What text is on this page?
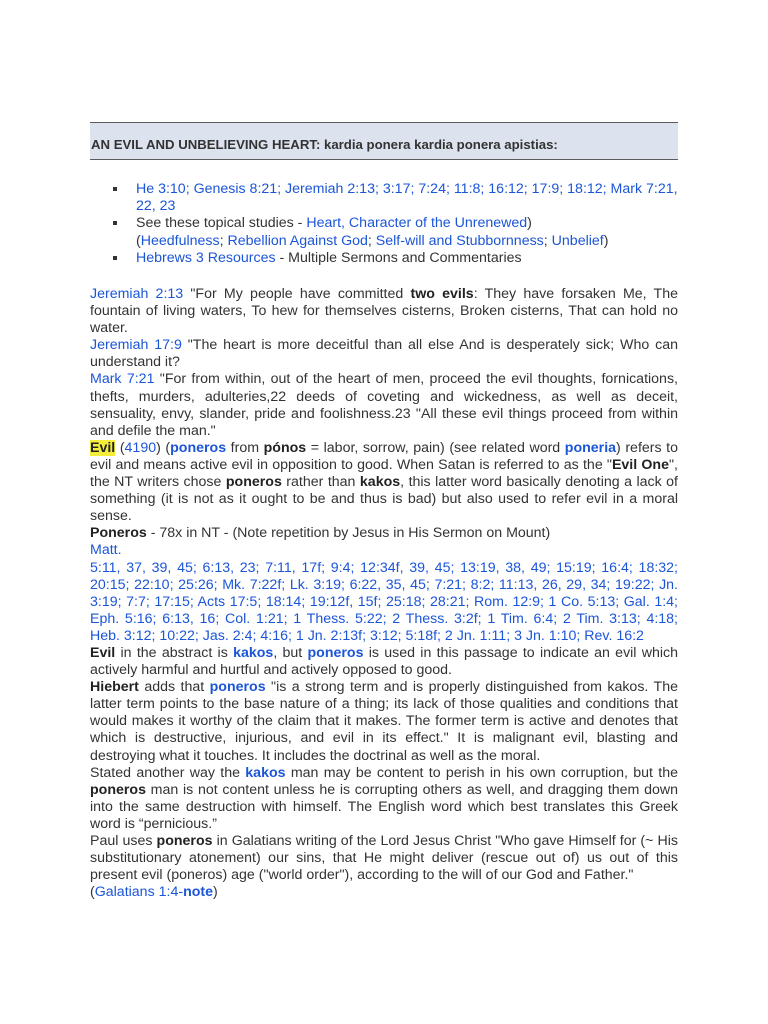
AN EVIL AND UNBELIEVING HEART: kardia ponera kardia ponera apistias:
He 3:10; Genesis 8:21; Jeremiah 2:13; 3:17; 7:24; 11:8; 16:12; 17:9; 18:12; Mark 7:21, 22, 23
See these topical studies - Heart, Character of the Unrenewed)
(Heedfulness; Rebellion Against God; Self-will and Stubbornness; Unbelief)
Hebrews 3 Resources - Multiple Sermons and Commentaries

Jeremiah 2:13 "For My people have committed two evils: They have forsaken Me, The fountain of living waters, To hew for themselves cisterns, Broken cisterns, That can hold no water.

Jeremiah 17:9 "The heart is more deceitful than all else And is desperately sick; Who can understand it?

Mark 7:21 "For from within, out of the heart of men, proceed the evil thoughts, fornications, thefts, murders, adulteries,22 deeds of coveting and wickedness, as well as deceit, sensuality, envy, slander, pride and foolishness.23 "All these evil things proceed from within and defile the man."

Evil (4190) (poneros from pónos = labor, sorrow, pain) (see related word poneria) refers to evil and means active evil in opposition to good. When Satan is referred to as the "Evil One", the NT writers chose poneros rather than kakos, this latter word basically denoting a lack of something (it is not as it ought to be and thus is bad) but also used to refer evil in a moral sense.

Poneros - 78x in NT - (Note repetition by Jesus in His Sermon on Mount)

Matt.

5:11, 37, 39, 45; 6:13, 23; 7:11, 17f; 9:4; 12:34f, 39, 45; 13:19, 38, 49; 15:19; 16:4; 18:32; 20:15; 22:10; 25:26; Mk. 7:22f; Lk. 3:19; 6:22, 35, 45; 7:21; 8:2; 11:13, 26, 29, 34; 19:22; Jn. 3:19; 7:7; 17:15; Acts 17:5; 18:14; 19:12f, 15f; 25:18; 28:21; Rom. 12:9; 1 Co. 5:13; Gal. 1:4; Eph. 5:16; 6:13, 16; Col. 1:21; 1 Thess. 5:22; 2 Thess. 3:2f; 1 Tim. 6:4; 2 Tim. 3:13; 4:18; Heb. 3:12; 10:22; Jas. 2:4; 4:16; 1 Jn. 2:13f; 3:12; 5:18f; 2 Jn. 1:11; 3 Jn. 1:10; Rev. 16:2

Evil in the abstract is kakos, but poneros is used in this passage to indicate an evil which actively harmful and hurtful and actively opposed to good.

Hiebert adds that poneros "is a strong term and is properly distinguished from kakos. The latter term points to the base nature of a thing; its lack of those qualities and conditions that would makes it worthy of the claim that it makes. The former term is active and denotes that which is destructive, injurious, and evil in its effect." It is malignant evil, blasting and destroying what it touches. It includes the doctrinal as well as the moral.

Stated another way the kakos man may be content to perish in his own corruption, but the poneros man is not content unless he is corrupting others as well, and dragging them down into the same destruction with himself. The English word which best translates this Greek word is “pernicious.”

Paul uses poneros in Galatians writing of the Lord Jesus Christ "Who gave Himself for (~ His substitutionary atonement) our sins, that He might deliver (rescue out of) us out of this present evil (poneros) age ("world order"), according to the will of our God and Father."
(Galatians 1:4-note)
